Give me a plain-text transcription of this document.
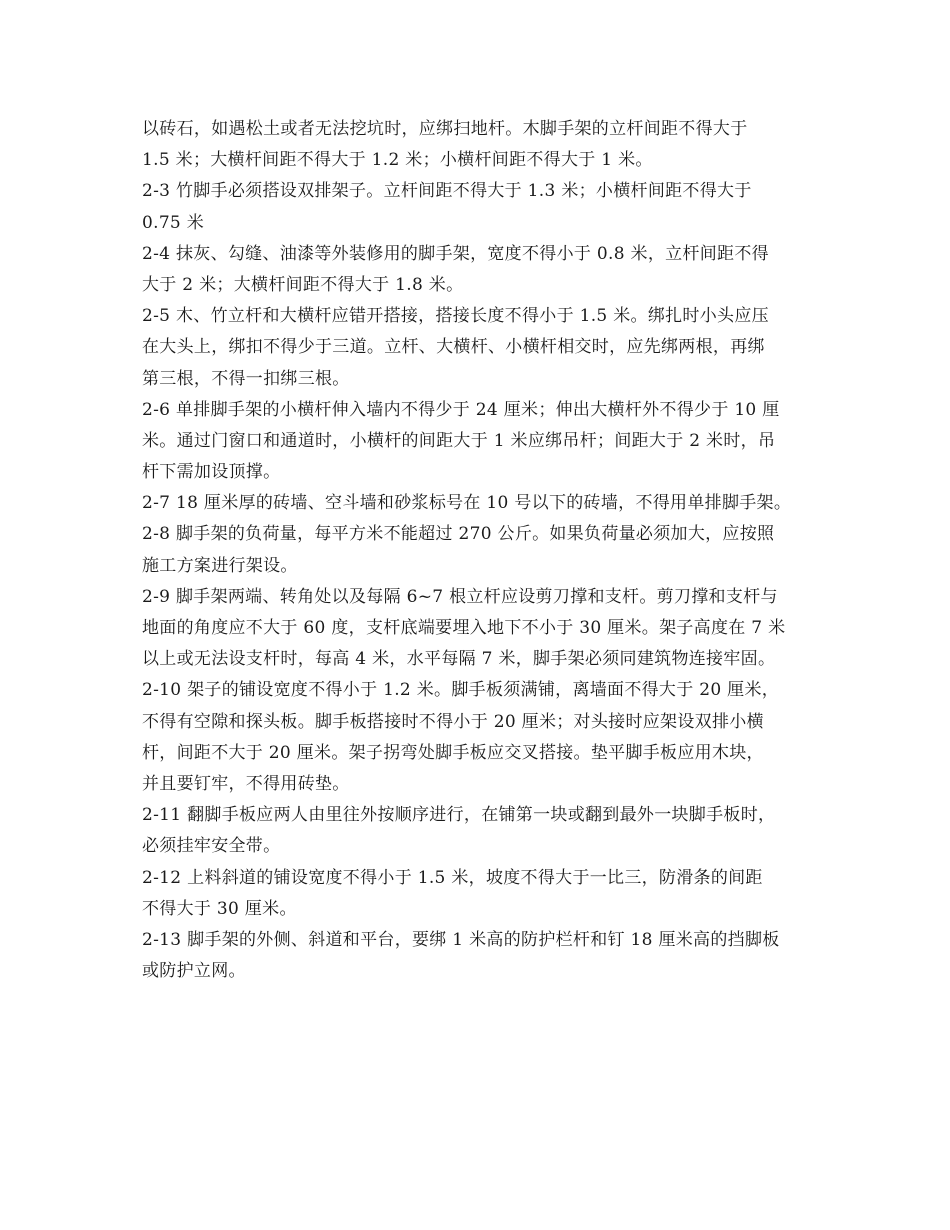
以砖石，如遇松土或者无法挖坑时，应绑扫地杆。木脚手架的立杆间距不得大于
1.5 米；大横杆间距不得大于 1.2 米；小横杆间距不得大于 1 米。
2-3 竹脚手必须搭设双排架子。立杆间距不得大于 1.3 米；小横杆间距不得大于
0.75 米
2-4 抹灰、勾缝、油漆等外装修用的脚手架，宽度不得小于 0.8 米，立杆间距不得
大于 2 米；大横杆间距不得大于 1.8 米。
2-5 木、竹立杆和大横杆应错开搭接，搭接长度不得小于 1.5 米。绑扎时小头应压
在大头上，绑扣不得少于三道。立杆、大横杆、小横杆相交时，应先绑两根，再绑
第三根，不得一扣绑三根。
2-6 单排脚手架的小横杆伸入墙内不得少于 24 厘米；伸出大横杆外不得少于 10 厘
米。通过门窗口和通道时，小横杆的间距大于 1 米应绑吊杆；间距大于 2 米时，吊
杆下需加设顶撑。
2-7 18 厘米厚的砖墙、空斗墙和砂浆标号在 10 号以下的砖墙，不得用单排脚手架。
2-8 脚手架的负荷量，每平方米不能超过 270 公斤。如果负荷量必须加大，应按照
施工方案进行架设。
2-9 脚手架两端、转角处以及每隔 6~7 根立杆应设剪刀撑和支杆。剪刀撑和支杆与
地面的角度应不大于 60 度，支杆底端要埋入地下不小于 30 厘米。架子高度在 7 米
以上或无法设支杆时，每高 4 米，水平每隔 7 米，脚手架必须同建筑物连接牢固。
2-10 架子的铺设宽度不得小于 1.2 米。脚手板须满铺，离墙面不得大于 20 厘米，
不得有空隙和探头板。脚手板搭接时不得小于 20 厘米；对头接时应架设双排小横
杆，间距不大于 20 厘米。架子拐弯处脚手板应交叉搭接。垫平脚手板应用木块，
并且要钉牢，不得用砖垫。
2-11 翻脚手板应两人由里往外按顺序进行，在铺第一块或翻到最外一块脚手板时，
必须挂牢安全带。
2-12 上料斜道的铺设宽度不得小于 1.5 米，坡度不得大于一比三，防滑条的间距
不得大于 30 厘米。
2-13 脚手架的外侧、斜道和平台，要绑 1 米高的防护栏杆和钉 18 厘米高的挡脚板
或防护立网。
